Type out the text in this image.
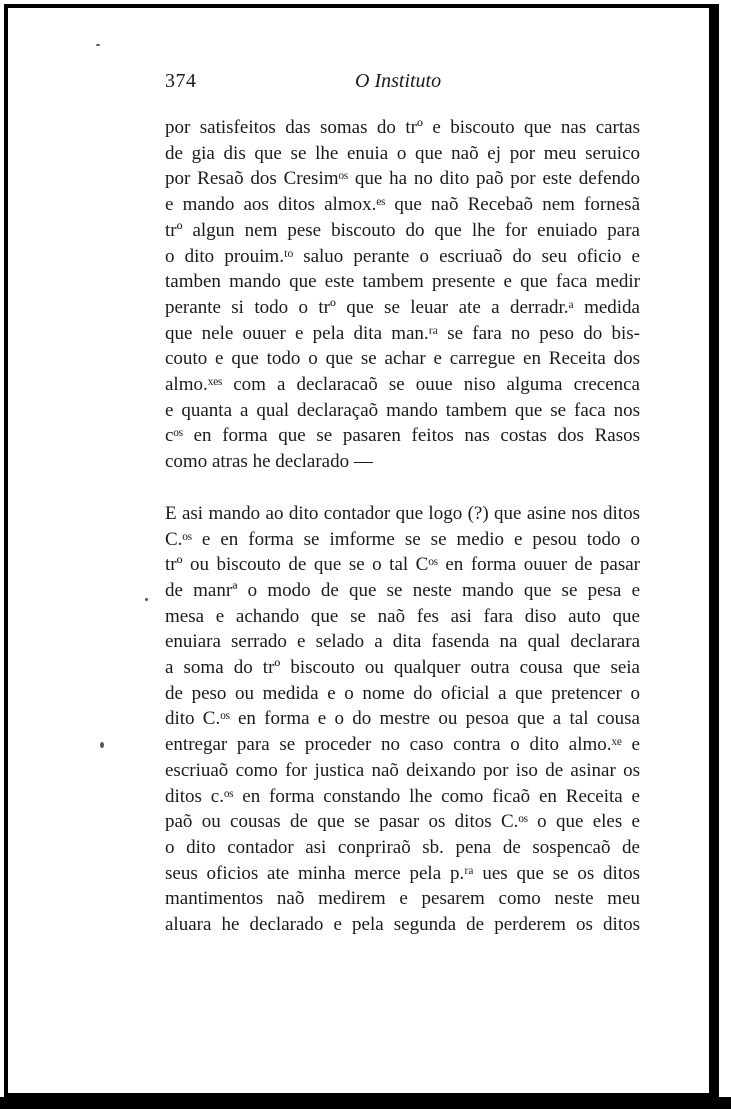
374	O Instituto

por satisfeitos das somas do trº e biscouto que nas cartas
de gia dis que se lhe enuia o que naõ ej por meu seruico
por Resaõ dos Cresimᵒˢ que ha no dito paõ por este defendo
e mando aos ditos almox.ᵉˢ que naõ Recebaõ nem fornesã
trº algun nem pese biscouto do que lhe for enuiado para
o dito prouim.ᵗᵒ saluo perante o escriuaõ do seu oficio e
tamben mando que este tambem presente e que faca medir
perante si todo o trº que se leuar ate a derradr.ᵃ medida
que nele ouuer e pela dita man.ʳᵃ se fara no peso do bis-
couto e que todo o que se achar e carregue en Receita dos
almo.ˣᵉˢ com a declaracaõ se ouue niso alguma crecenca
e quanta a qual declaraçaõ mando tambem que se faca nos
cᵒˢ en forma que se pasaren feitos nas costas dos Rasos
como atras he declarado —

E asi mando ao dito contador que logo (?) que asine nos ditos
C.ᵒˢ e en forma se imforme se se medio e pesou todo o
trº ou biscouto de que se o tal Cᵒˢ en forma ouuer de pasar
de manrª o modo de que se neste mando que se pesa e
mesa e achando que se naõ fes asi fara diso auto que
enuiara serrado e selado a dita fasenda na qual declarara
a soma do trº biscouto ou qualquer outra cousa que seia
de peso ou medida e o nome do oficial a que pretencer o
dito C.ᵒˢ en forma e o do mestre ou pesoa que a tal cousa
entregar para se proceder no caso contra o dito almo.ˣᵉ e
escriuaõ como for justica naõ deixando por iso de asinar os
ditos c.ᵒˢ en forma constando lhe como ficaõ en Receita e
paõ ou cousas de que se pasar os ditos C.ᵒˢ o que eles e
o dito contador asi conpriraõ sb. pena de sospencaõ de
seus oficios ate minha merce pela p.ʳᵃ ues que se os ditos
mantimentos naõ medirem e pesarem como neste meu
aluara he declarado e pela segunda de perderem os ditos
